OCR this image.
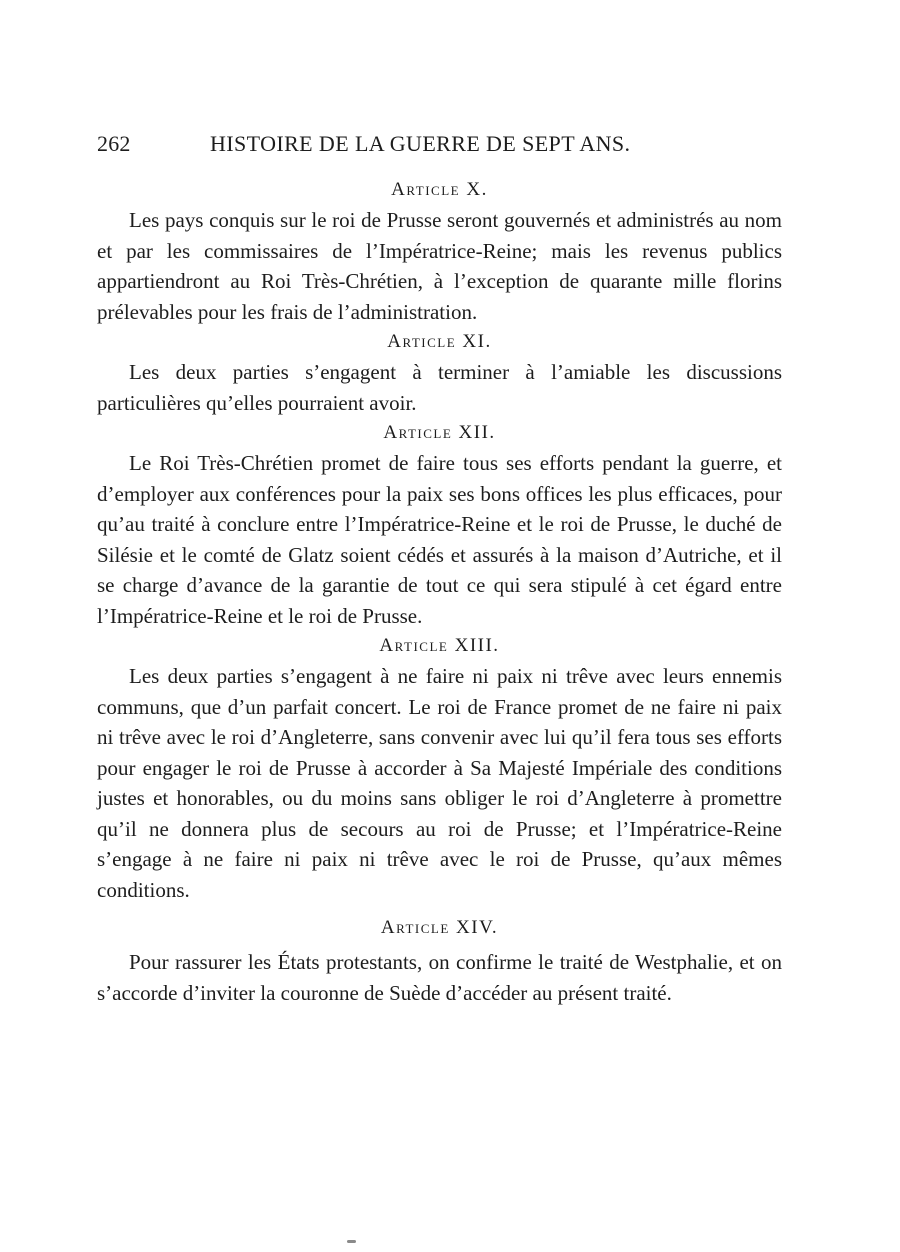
262	HISTOIRE DE LA GUERRE DE SEPT ANS.
Article X.

Les pays conquis sur le roi de Prusse seront gouvernés et administrés au nom et par les commissaires de l’Impératrice-Reine; mais les revenus publics appartiendront au Roi Très-Chrétien, à l’exception de quarante mille florins prélevables pour les frais de l’administration.

Article XI.

Les deux parties s’engagent à terminer à l’amiable les discussions particulières qu’elles pourraient avoir.

Article XII.

Le Roi Très-Chrétien promet de faire tous ses efforts pendant la guerre, et d’employer aux conférences pour la paix ses bons offices les plus efficaces, pour qu’au traité à conclure entre l’Impératrice-Reine et le roi de Prusse, le duché de Silésie et le comté de Glatz soient cédés et assurés à la maison d’Autriche, et il se charge d’avance de la garantie de tout ce qui sera stipulé à cet égard entre l’Impératrice-Reine et le roi de Prusse.

Article XIII.

Les deux parties s’engagent à ne faire ni paix ni trêve avec leurs ennemis communs, que d’un parfait concert. Le roi de France promet de ne faire ni paix ni trêve avec le roi d’Angleterre, sans convenir avec lui qu’il fera tous ses efforts pour engager le roi de Prusse à accorder à Sa Majesté Impériale des conditions justes et honorables, ou du moins sans obliger le roi d’Angleterre à promettre qu’il ne donnera plus de secours au roi de Prusse; et l’Impératrice-Reine s’engage à ne faire ni paix ni trêve avec le roi de Prusse, qu’aux mêmes conditions.

Article XIV.

Pour rassurer les États protestants, on confirme le traité de Westphalie, et on s’accorde d’inviter la couronne de Suède d’accéder au présent traité.
